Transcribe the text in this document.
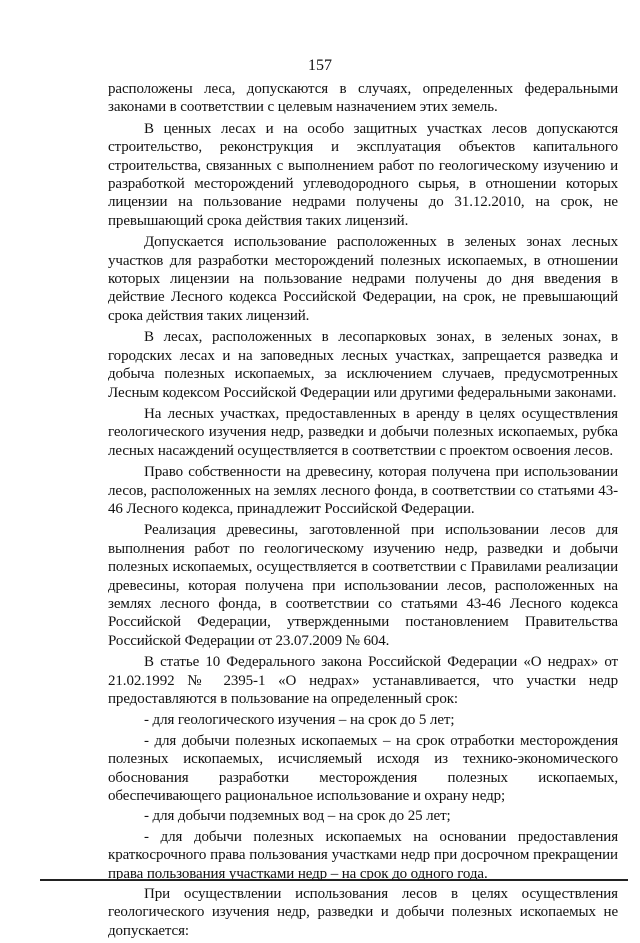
157

расположены леса, допускаются в случаях, определенных федеральными законами в соответствии с целевым назначением этих земель.

В ценных лесах и на особо защитных участках лесов допускаются строительство, реконструкция и эксплуатация объектов капитального строительства, связанных с выполнением работ по геологическому изучению и разработкой месторождений углеводородного сырья, в отношении которых лицензии на пользование недрами получены до 31.12.2010, на срок, не превышающий срока действия таких лицензий.

Допускается использование расположенных в зеленых зонах лесных участков для разработки месторождений полезных ископаемых, в отношении которых лицензии на пользование недрами получены до дня введения в действие Лесного кодекса Российской Федерации, на срок, не превышающий срока действия таких лицензий.

В лесах, расположенных в лесопарковых зонах, в зеленых зонах, в городских лесах и на заповедных лесных участках, запрещается разведка и добыча полезных ископаемых, за исключением случаев, предусмотренных Лесным кодексом Российской Федерации или другими федеральными законами.

На лесных участках, предоставленных в аренду в целях осуществления геологического изучения недр, разведки и добычи полезных ископаемых, рубка лесных насаждений осуществляется в соответствии с проектом освоения лесов.

Право собственности на древесину, которая получена при использовании лесов, расположенных на землях лесного фонда, в соответствии со статьями 43-46 Лесного кодекса, принадлежит Российской Федерации.

Реализация древесины, заготовленной при использовании лесов для выполнения работ по геологическому изучению недр, разведки и добычи полезных ископаемых, осуществляется в соответствии с Правилами реализации древесины, которая получена при использовании лесов, расположенных на землях лесного фонда, в соответствии со статьями 43-46 Лесного кодекса Российской Федерации, утвержденными постановлением Правительства Российской Федерации от 23.07.2009 № 604.

В статье 10 Федерального закона Российской Федерации «О недрах» от 21.02.1992 № 2395-1 «О недрах» устанавливается, что участки недр предоставляются в пользование на определенный срок:

- для геологического изучения – на срок до 5 лет;

- для добычи полезных ископаемых – на срок отработки месторождения полезных ископаемых, исчисляемый исходя из технико-экономического обоснования разработки месторождения полезных ископаемых, обеспечивающего рациональное использование и охрану недр;

- для добычи подземных вод – на срок до 25 лет;

- для добычи полезных ископаемых на основании предоставления краткосрочного права пользования участками недр при досрочном прекращении права пользования участками недр – на срок до одного года.

При осуществлении использования лесов в целях осуществления геологического изучения недр, разведки и добычи полезных ископаемых не допускается:
